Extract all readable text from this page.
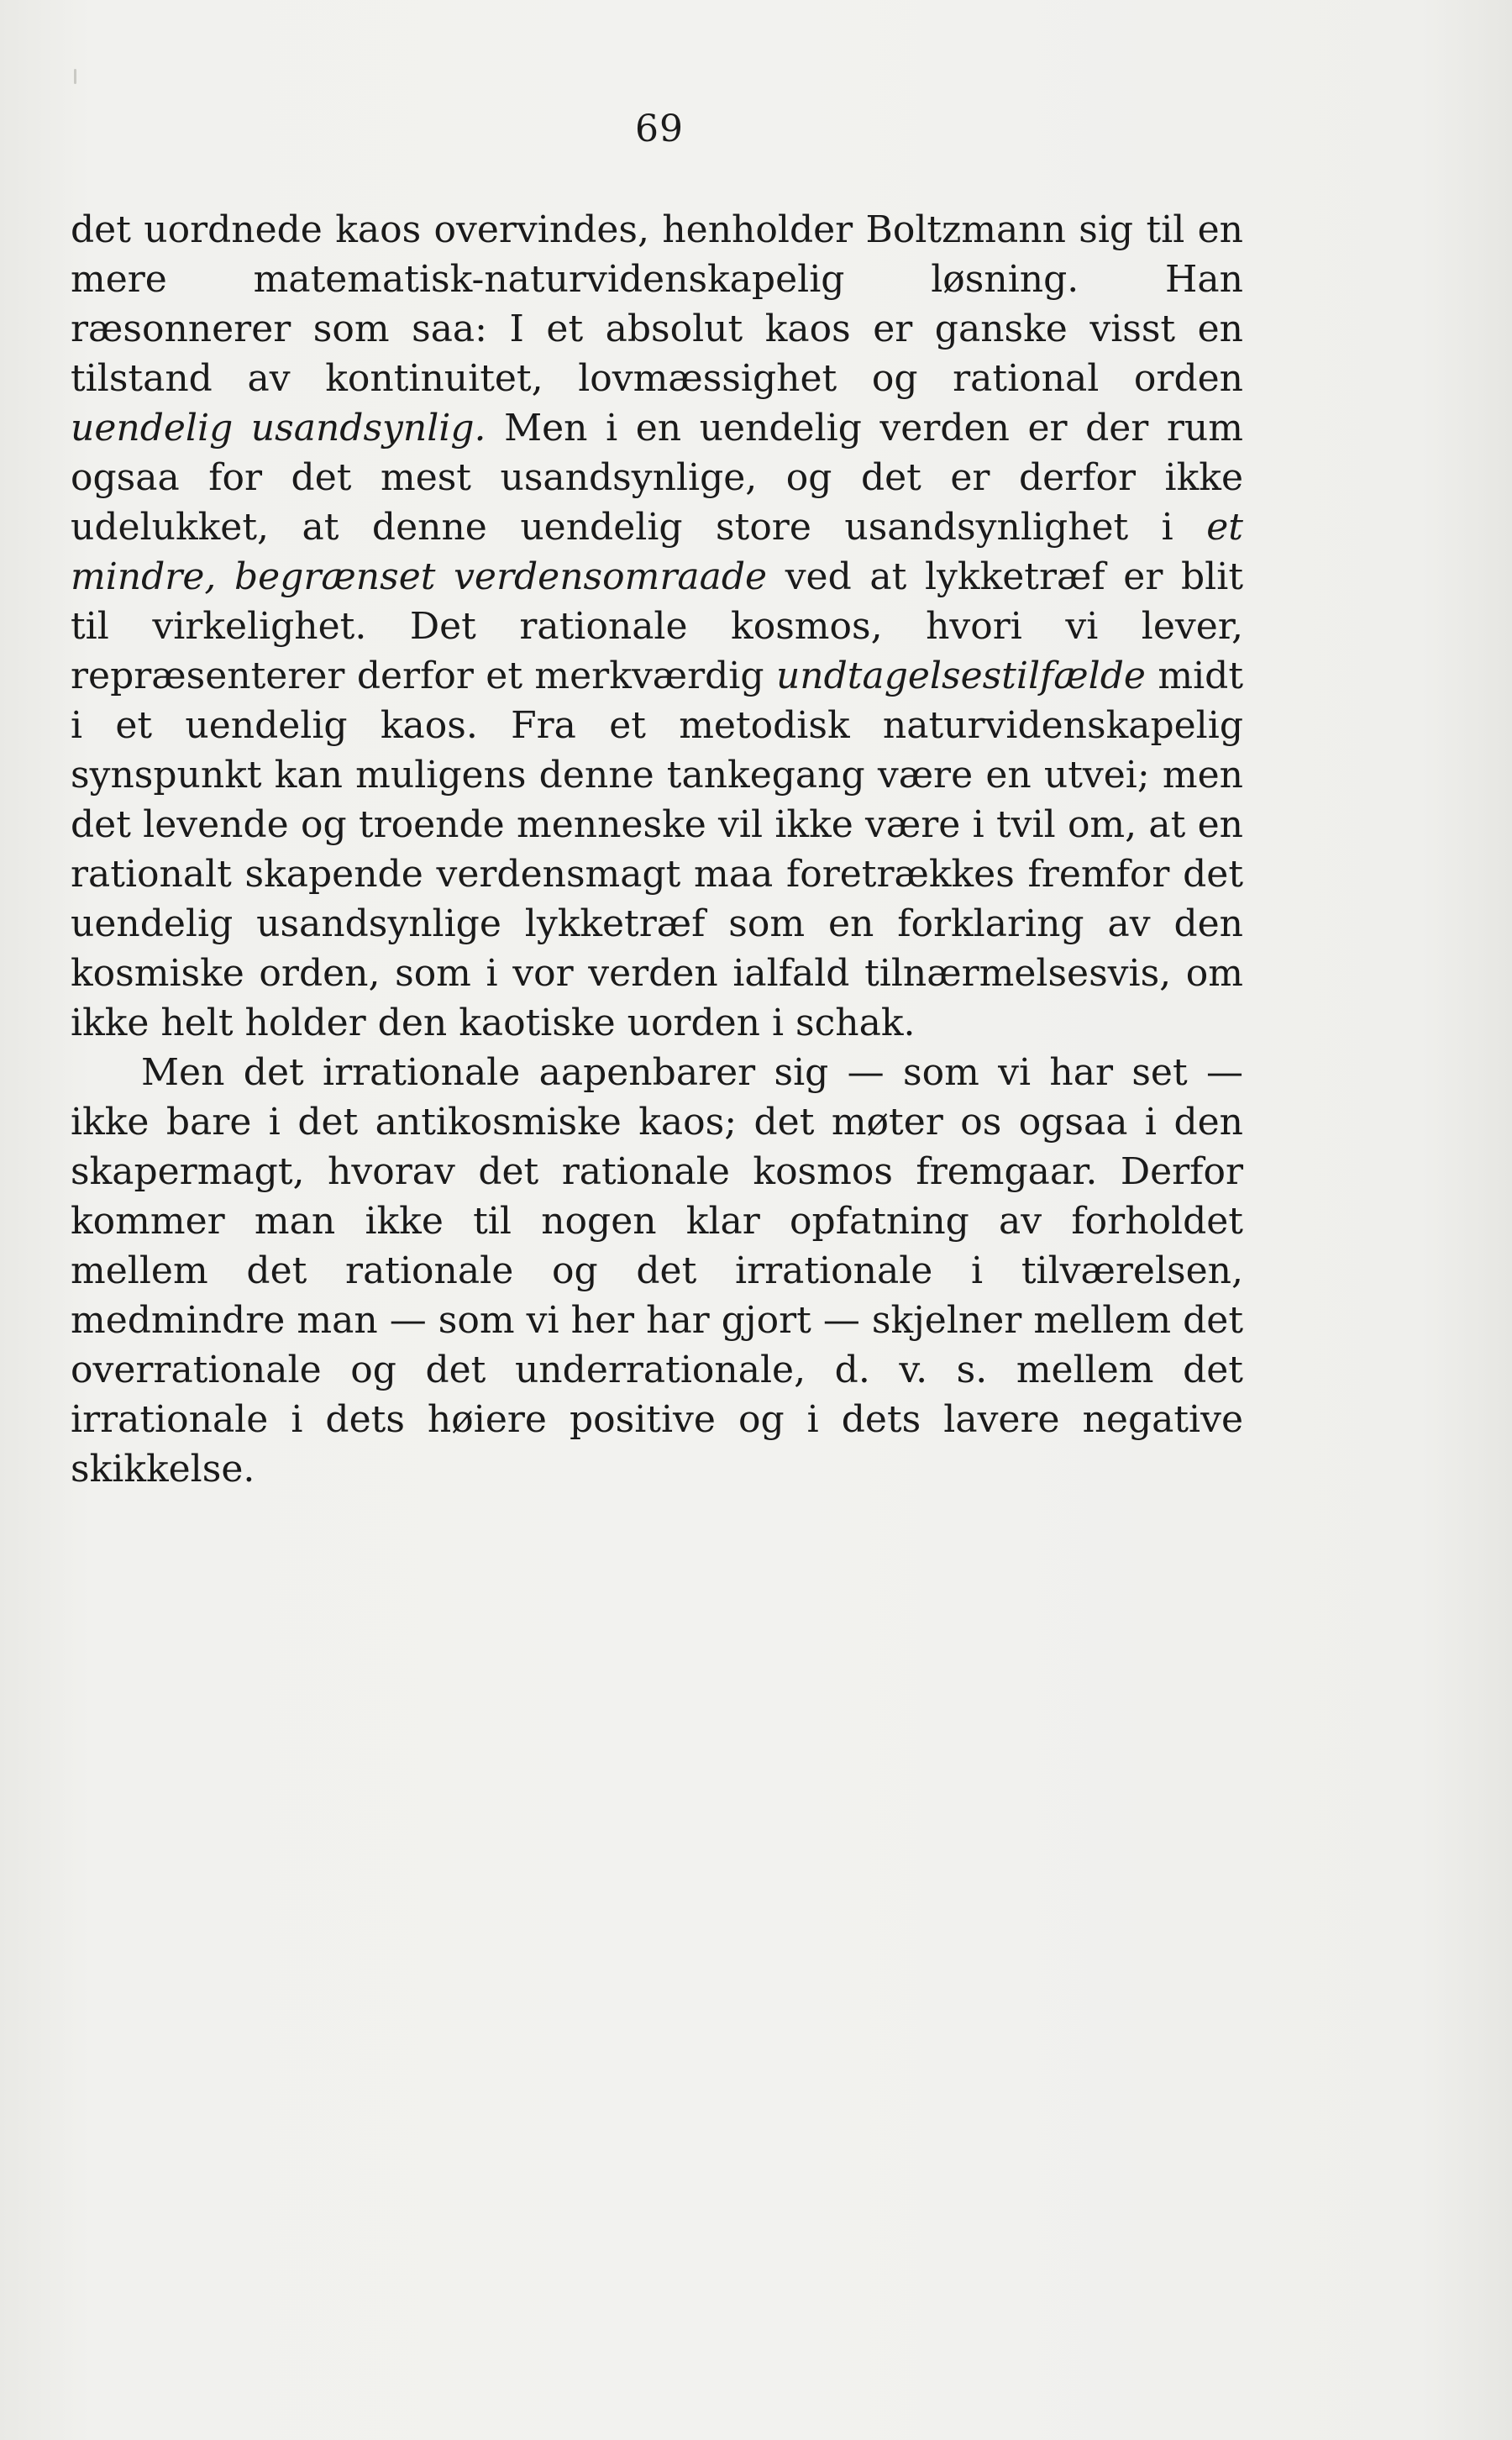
69

det uordnede kaos overvindes, henholder Boltzmann sig til en mere matematisk-naturvidenskapelig løsning. Han ræsonnerer som saa: I et absolut kaos er ganske visst en tilstand av kontinuitet, lovmæssighet og rational orden uendelig usandsynlig. Men i en uendelig verden er der rum ogsaa for det mest usandsynlige, og det er derfor ikke udelukket, at denne uendelig store usandsynlighet i et mindre, begrænset verdensomraade ved at lykketræf er blit til virkelighet. Det rationale kosmos, hvori vi lever, repræsenterer derfor et merkværdig undtagelsestilfælde midt i et uendelig kaos. Fra et metodisk naturvidenskapelig synspunkt kan muligens denne tankegang være en utvei; men det levende og troende menneske vil ikke være i tvil om, at en rationalt skapende verdensmagt maa foretrækkes fremfor det uendelig usandsynlige lykketræf som en forklaring av den kosmiske orden, som i vor verden ialfald tilnærmelsesvis, om ikke helt holder den kaotiske uorden i schak.

Men det irrationale aapenbarer sig — som vi har set — ikke bare i det antikosmiske kaos; det møter os ogsaa i den skapermagt, hvorav det rationale kosmos fremgaar. Derfor kommer man ikke til nogen klar opfatning av forholdet mellem det rationale og det irrationale i tilværelsen, medmindre man — som vi her har gjort — skjelner mellem det overrationale og det underrationale, d. v. s. mellem det irrationale i dets høiere positive og i dets lavere negative skikkelse.
